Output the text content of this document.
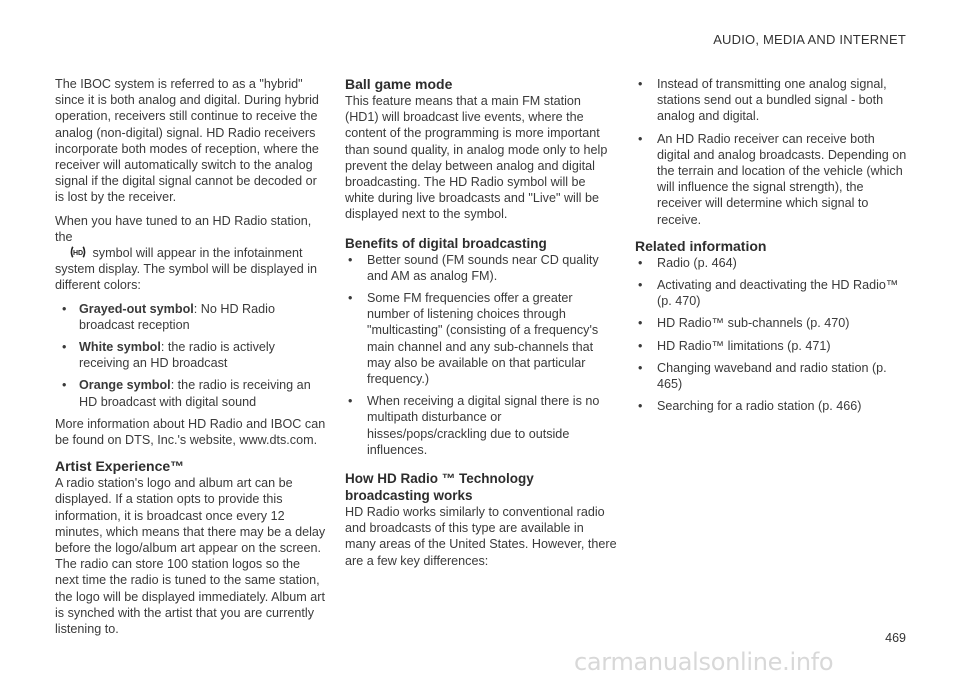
AUDIO, MEDIA AND INTERNET

The IBOC system is referred to as a "hybrid" since it is both analog and digital. During hybrid operation, receivers still continue to receive the analog (non-digital) signal. HD Radio receivers incorporate both modes of reception, where the receiver will automatically switch to the analog signal if the digital signal cannot be decoded or is lost by the receiver.

When you have tuned to an HD Radio station, the

HD symbol will appear in the infotainment system display. The symbol will be displayed in different colors:

• Grayed-out symbol: No HD Radio broadcast reception
• White symbol: the radio is actively receiving an HD broadcast
• Orange symbol: the radio is receiving an HD broadcast with digital sound

More information about HD Radio and IBOC can be found on DTS, Inc.'s website, www.dts.com.

Artist Experience™

A radio station's logo and album art can be displayed. If a station opts to provide this information, it is broadcast once every 12 minutes, which means that there may be a delay before the logo/album art appear on the screen. The radio can store 100 station logos so the next time the radio is tuned to the same station, the logo will be displayed immediately. Album art is synched with the artist that you are currently listening to.

Ball game mode

This feature means that a main FM station (HD1) will broadcast live events, where the content of the programming is more important than sound quality, in analog mode only to help prevent the delay between analog and digital broadcasting. The HD Radio symbol will be white during live broadcasts and "Live" will be displayed next to the symbol.

Benefits of digital broadcasting
• Better sound (FM sounds near CD quality and AM as analog FM).
• Some FM frequencies offer a greater number of listening choices through "multicasting" (consisting of a frequency's main channel and any sub-channels that may also be available on that particular frequency.)
• When receiving a digital signal there is no multipath disturbance or hisses/pops/crackling due to outside influences.
How HD Radio ™ Technology broadcasting works

HD Radio works similarly to conventional radio and broadcasts of this type are available in many areas of the United States. However, there are a few key differences:

• Instead of transmitting one analog signal, stations send out a bundled signal - both analog and digital.
• An HD Radio receiver can receive both digital and analog broadcasts. Depending on the terrain and location of the vehicle (which will influence the signal strength), the receiver will determine which signal to receive.
Related information
• Radio (p. 464)
• Activating and deactivating the HD Radio™ (p. 470)
• HD Radio™ sub-channels (p. 470)
• HD Radio™ limitations (p. 471)
• Changing waveband and radio station (p. 465)
• Searching for a radio station (p. 466)
469
carmanualsonline.info
